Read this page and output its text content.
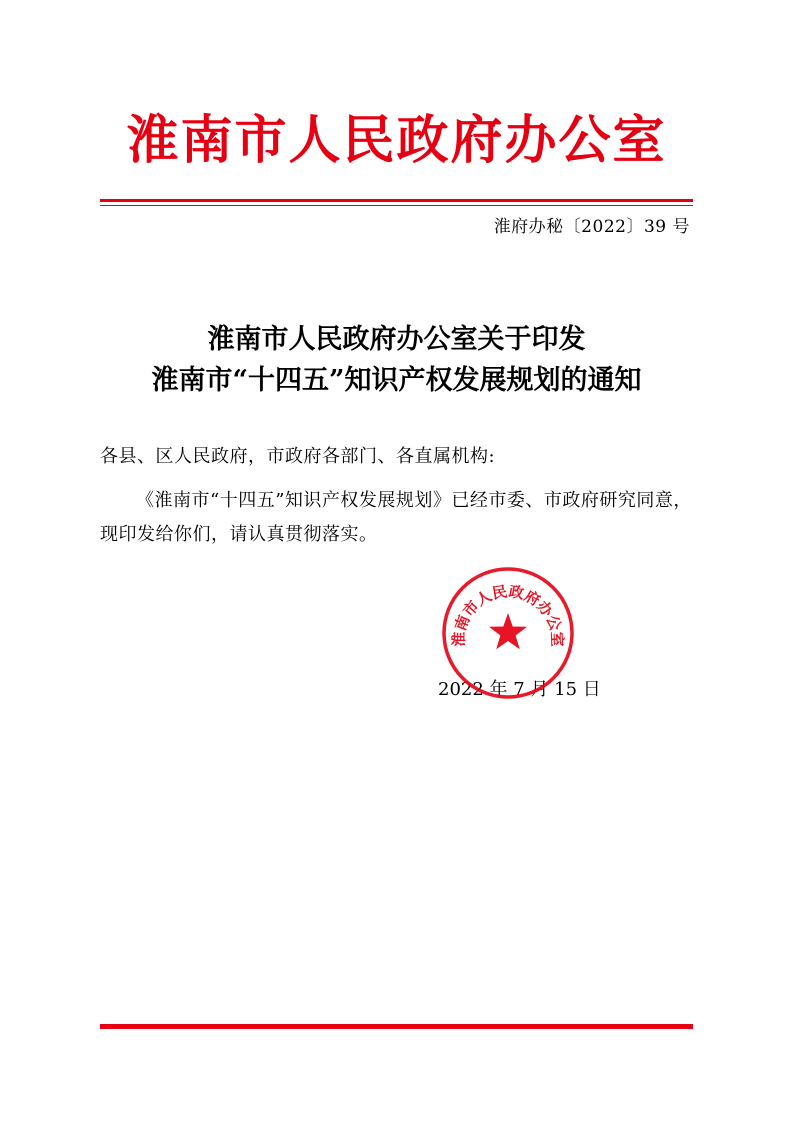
淮南市人民政府办公室
淮府办秘〔2022〕39 号
淮南市人民政府办公室关于印发
淮南市“十四五”知识产权发展规划的通知
各县、区人民政府，市政府各部门、各直属机构:
《淮南市“十四五”知识产权发展规划》已经市委、市政府研究同意，现印发给你们，请认真贯彻落实。
2022 年 7 月 15 日
淮南市人民政府办公室
